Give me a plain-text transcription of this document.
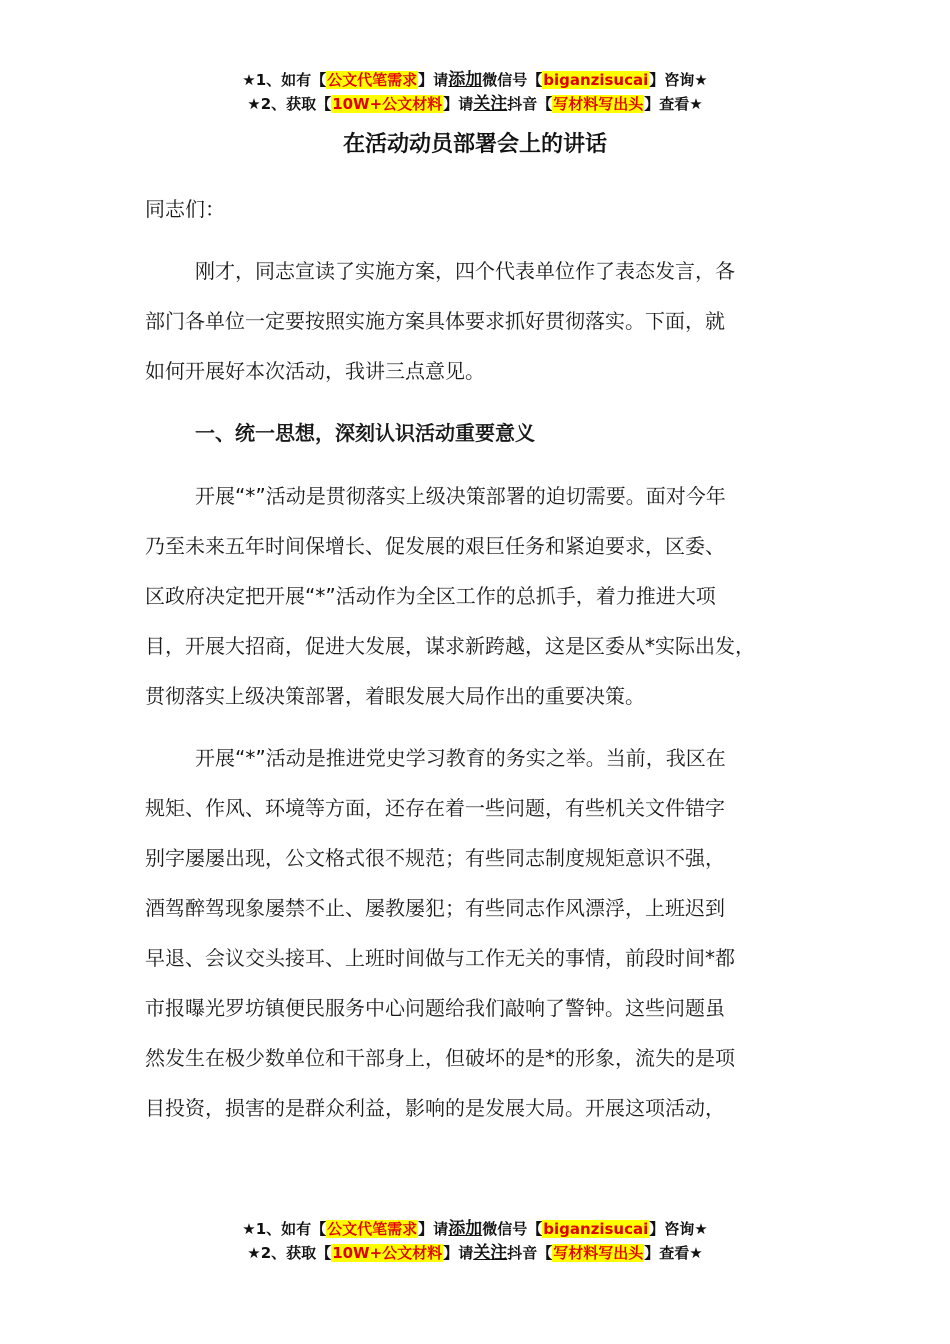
★1、如有【公文代笔需求】请添加微信号【biganzisucai】咨询★
★2、获取【10W+公文材料】请关注抖音【写材料写出头】查看★
在活动动员部署会上的讲话
同志们：
刚才，同志宣读了实施方案，四个代表单位作了表态发言，各
部门各单位一定要按照实施方案具体要求抓好贯彻落实。下面，就
如何开展好本次活动，我讲三点意见。
一、统一思想，深刻认识活动重要意义
开展“*”活动是贯彻落实上级决策部署的迫切需要。面对今年
乃至未来五年时间保增长、促发展的艰巨任务和紧迫要求，区委、
区政府决定把开展“*”活动作为全区工作的总抓手，着力推进大项
目，开展大招商，促进大发展，谋求新跨越，这是区委从*实际出发，
贯彻落实上级决策部署，着眼发展大局作出的重要决策。
开展“*”活动是推进党史学习教育的务实之举。当前，我区在
规矩、作风、环境等方面，还存在着一些问题，有些机关文件错字
别字屡屡出现，公文格式很不规范；有些同志制度规矩意识不强，
酒驾醉驾现象屡禁不止、屡教屡犯；有些同志作风漂浮，上班迟到
早退、会议交头接耳、上班时间做与工作无关的事情，前段时间*都
市报曝光罗坊镇便民服务中心问题给我们敲响了警钟。这些问题虽
然发生在极少数单位和干部身上，但破坏的是*的形象，流失的是项
目投资，损害的是群众利益，影响的是发展大局。开展这项活动，
★1、如有【公文代笔需求】请添加微信号【biganzisucai】咨询★
★2、获取【10W+公文材料】请关注抖音【写材料写出头】查看★
